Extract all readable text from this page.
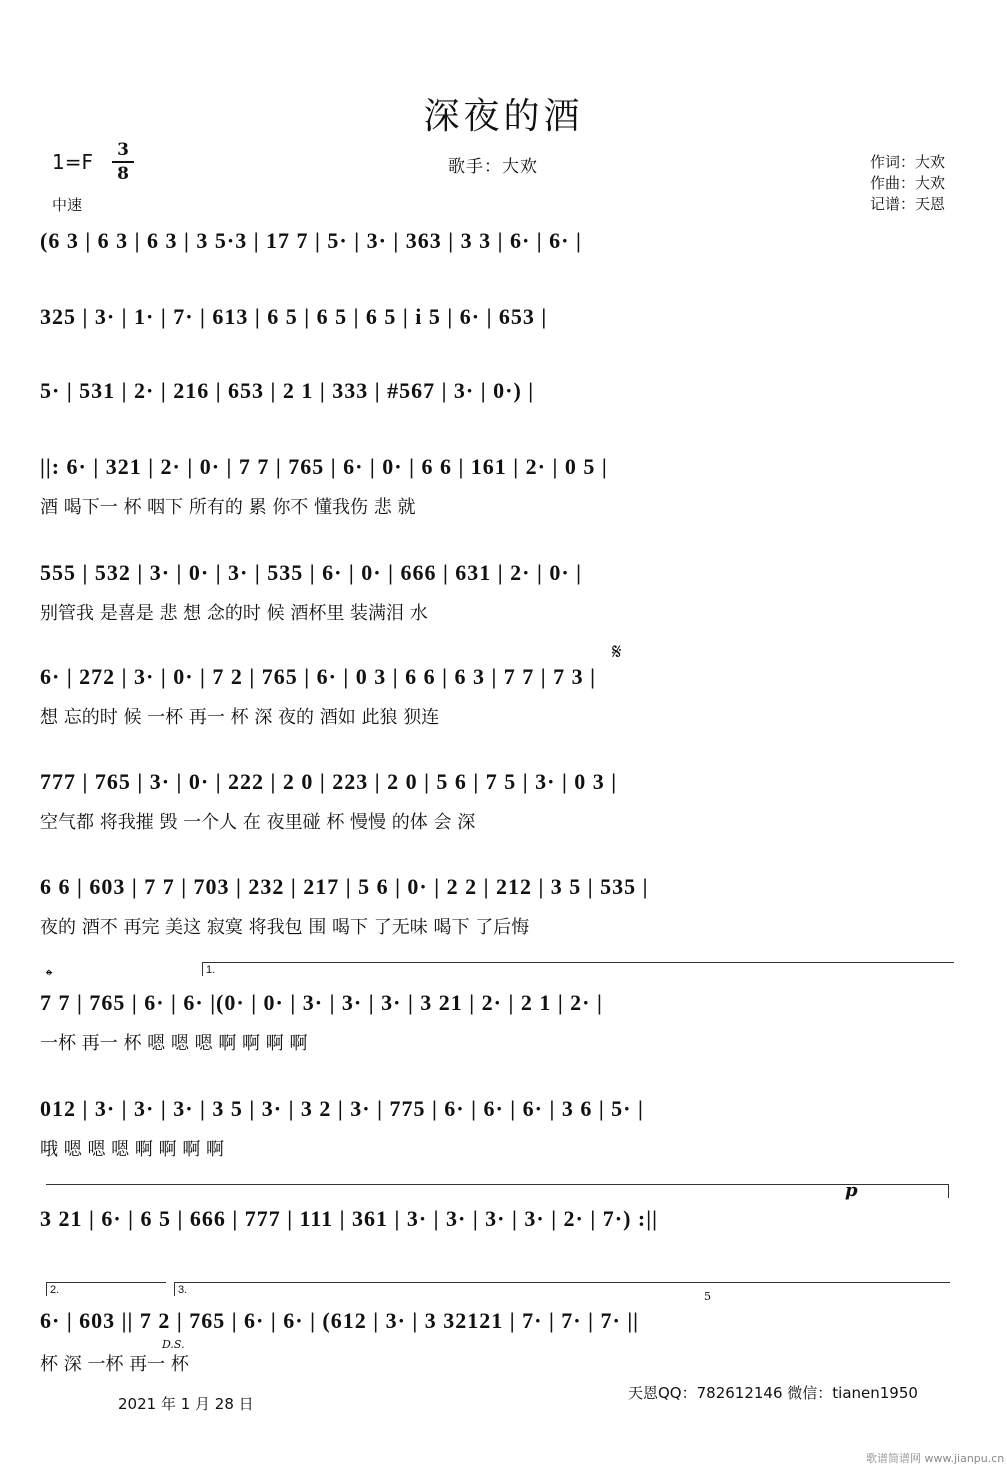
深夜的酒
1=F 3
8
中速
歌手：大欢	作词：大欢
作曲：大欢
记谱：天恩
(6 3 | 6 3 | 6 3 | 3 5·3 | 17 7 | 5· | 3· | 363 | 3 3 | 6· | 6· |
325 | 3· | 1· | 7· | 613 | 6 5 | 6 5 | 6 5 | i 5 | 6· | 653 |
5· | 531 | 2· | 216 | 653 | 2 1 | 333 | #567 | 3· | 0·) |
||: 6· | 321 | 2· | 0· | 7 7 | 765 | 6· | 0· | 6 6 | 161 | 2· | 0 5 |
酒 喝下一 杯 咽下 所有的 累 你不 懂我伤 悲 就
555 | 532 | 3· | 0· | 3· | 535 | 6· | 0· | 666 | 631 | 2· | 0· |
别管我 是喜是 悲 想 念的时 候 酒杯里 装满泪 水
𝄋
6· | 272 | 3· | 0· | 7 2 | 765 | 6· | 0 3 | 6 6 | 6 3 | 7 7 | 7 3 |
想 忘的时 候 一杯 再一 杯 深 夜的 酒如 此狼 狈连
777 | 765 | 3· | 0· | 222 | 2 0 | 223 | 2 0 | 5 6 | 7 5 | 3· | 0 3 |
空气都 将我摧 毁 一个人 在 夜里碰 杯 慢慢 的体 会 深
6 6 | 603 | 7 7 | 703 | 232 | 217 | 5 6 | 0· | 2 2 | 212 | 3 5 | 535 |
夜的 酒不 再完 美这 寂寞 将我包 围 喝下 了无味 喝下 了后悔
1.
𝄌
7 7 | 765 | 6· | 6· |(0· | 0· | 3· | 3· | 3· | 3 21 | 2· | 2 1 | 2· |
一杯 再一 杯 嗯 嗯 嗯 啊 啊 啊 啊
012 | 3· | 3· | 3· | 3 5 | 3· | 3 2 | 3· | 775 | 6· | 6· | 6· | 3 6 | 5· |
哦 嗯 嗯 嗯 啊 啊 啊 啊
p
3 21 | 6· | 6 5 | 666 | 777 | 111 | 361 | 3· | 3· | 3· | 3· | 2· | 7·) :||
2.	3.	5
6· | 603 || 7 2 | 765 | 6· | 6· | (612 | 3· | 3 32121 | 7· | 7· | 7· ||
D.S.
杯 深 一杯 再一 杯
2021 年 1 月 28 日
天恩QQ：782612146 微信：tianen1950
歌谱简谱网 www.jianpu.cn
